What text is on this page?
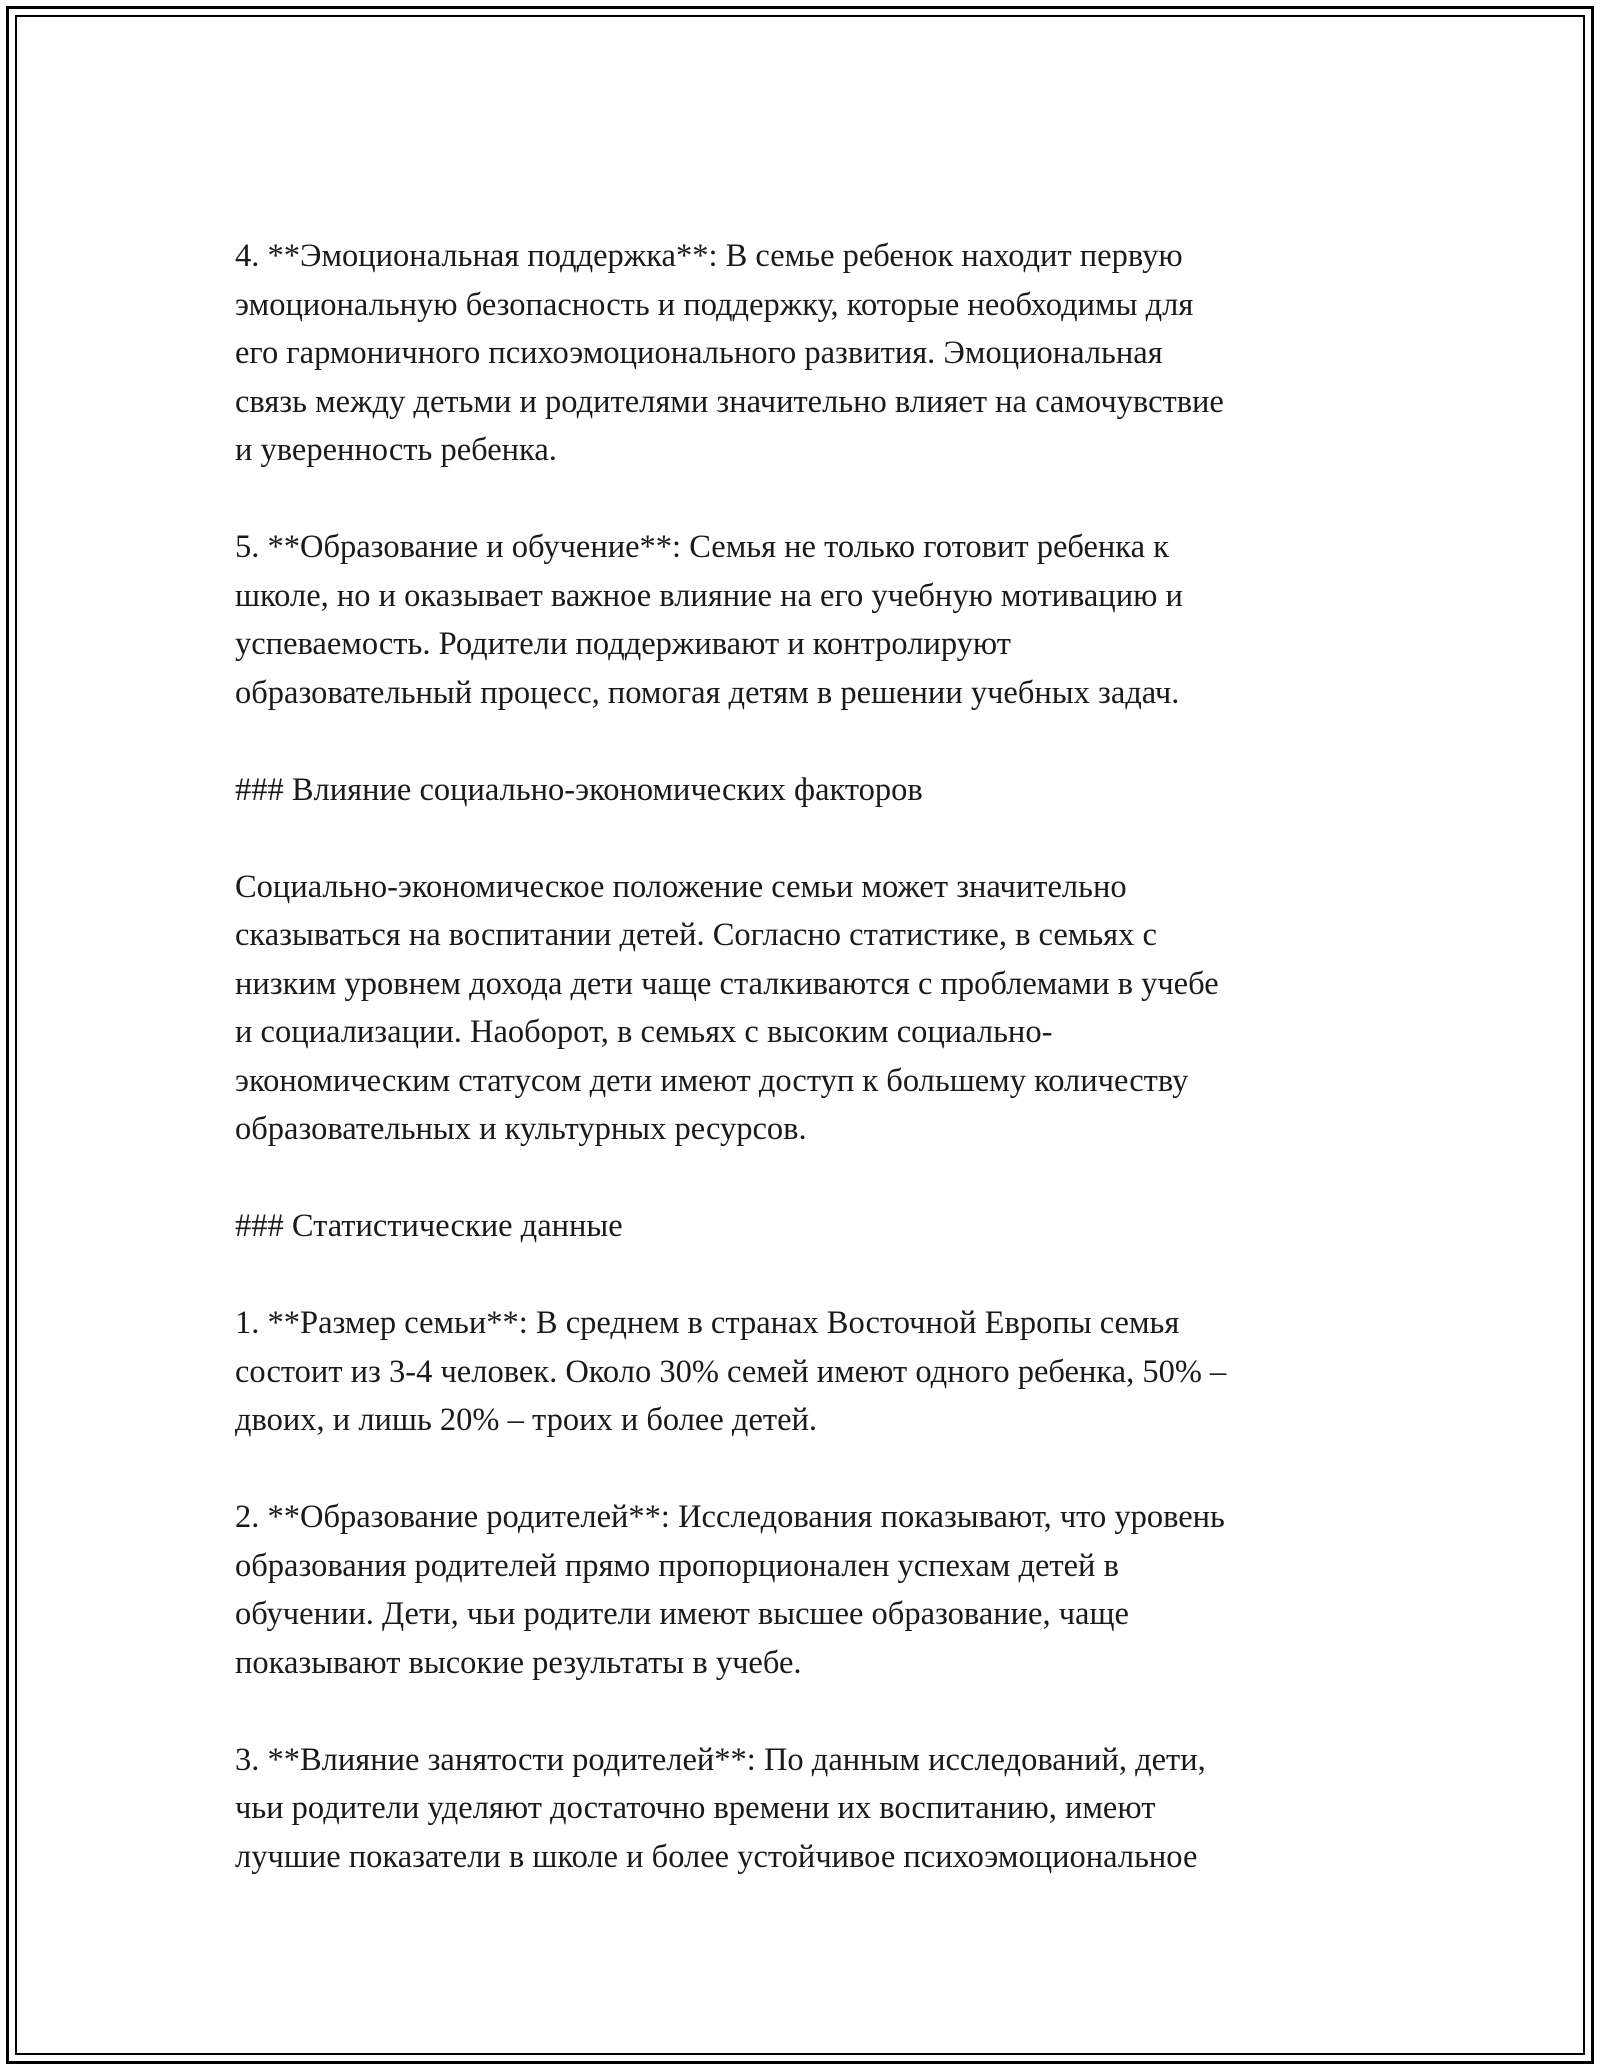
4. **Эмоциональная поддержка**: В семье ребенок находит первую
эмоциональную безопасность и поддержку, которые необходимы для
его гармоничного психоэмоционального развития. Эмоциональная
связь между детьми и родителями значительно влияет на самочувствие
и уверенность ребенка.

5. **Образование и обучение**: Семья не только готовит ребенка к
школе, но и оказывает важное влияние на его учебную мотивацию и
успеваемость. Родители поддерживают и контролируют
образовательный процесс, помогая детям в решении учебных задач.

### Влияние социально-экономических факторов

Социально-экономическое положение семьи может значительно
сказываться на воспитании детей. Согласно статистике, в семьях с
низким уровнем дохода дети чаще сталкиваются с проблемами в учебе
и социализации. Наоборот, в семьях с высоким социально-
экономическим статусом дети имеют доступ к большему количеству
образовательных и культурных ресурсов.

### Статистические данные

1. **Размер семьи**: В среднем в странах Восточной Европы семья
состоит из 3-4 человек. Около 30% семей имеют одного ребенка, 50% –
двоих, и лишь 20% – троих и более детей.

2. **Образование родителей**: Исследования показывают, что уровень
образования родителей прямо пропорционален успехам детей в
обучении. Дети, чьи родители имеют высшее образование, чаще
показывают высокие результаты в учебе.

3. **Влияние занятости родителей**: По данным исследований, дети,
чьи родители уделяют достаточно времени их воспитанию, имеют
лучшие показатели в школе и более устойчивое психоэмоциональное
